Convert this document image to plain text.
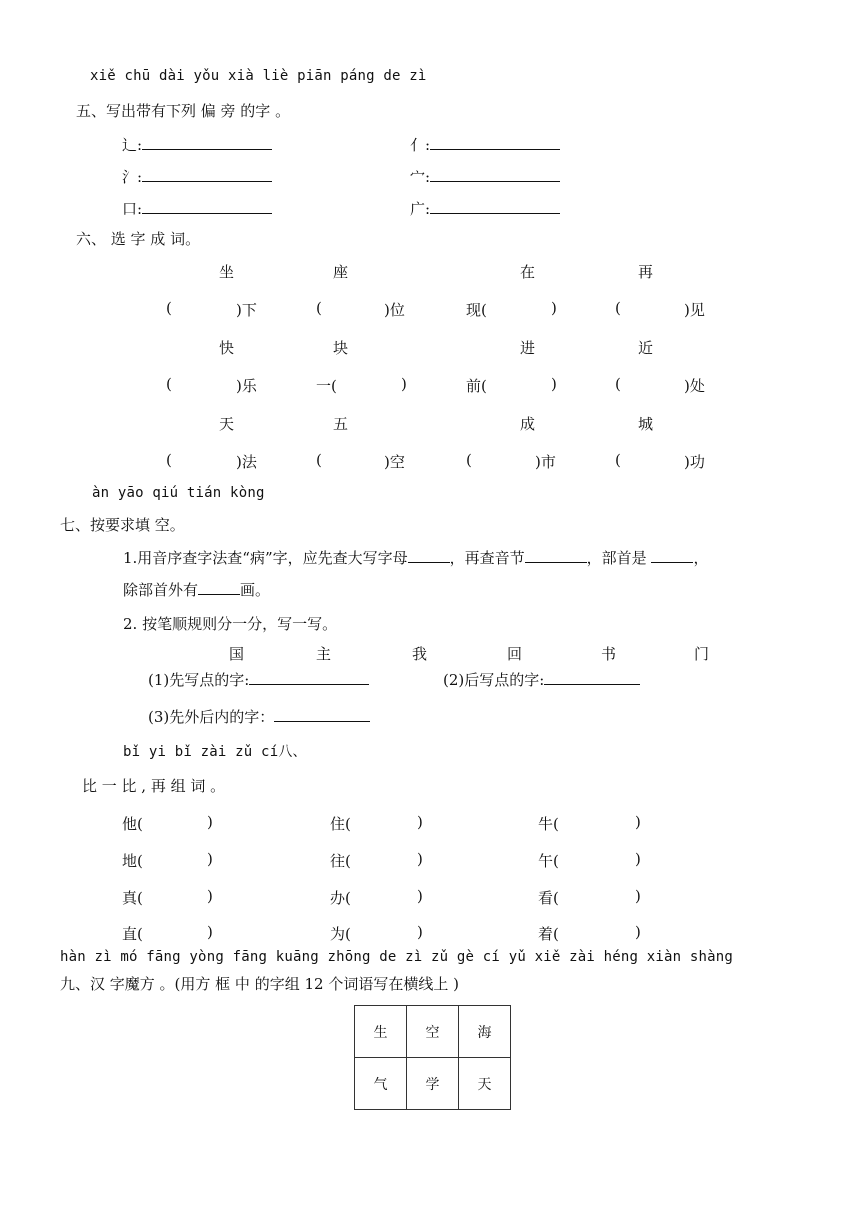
xiě chū dài yǒu xià liè piān páng de zì
五、写出带有下列 偏 旁 的字 。
⻌:	亻:
氵:	宀:
口:	广:
六、 选 字 成 词。
坐	座	在	再
(	)下	(	)位	现(	)	(	)见
快	块	进	近
(	)乐	一(	)	前(	)	(	)处
天	五	成	城
(	)法	(	)空	(	)市	(	)功
àn yāo qiú tián kòng
七、按要求填 空。
1.用音序查字法查“病”字，应先查大写字母	，再查音节	，部首是	，
除部首外有	画。
2. 按笔顺规则分一分，写一写。
国	主	我	回	书	门
(1)先写点的字:	(2)后写点的字:
(3)先外后内的字：
bǐ yi bǐ zài zǔ cí八、
比 一 比 , 再 组 词 。
他(	)	住(	)	牛(	)
地(	)	往(	)	午(	)
真(	)	办(	)	看(	)
直(	)	为(	)	着(	)
hàn zì mó fāng yòng fāng kuāng zhōng de zì zǔ gè cí yǔ xiě zài héng xiàn shàng
九、汉 字魔方 。(用方 框 中 的字组 12 个词语写在横线上 )
生	空	海
气	学	天
